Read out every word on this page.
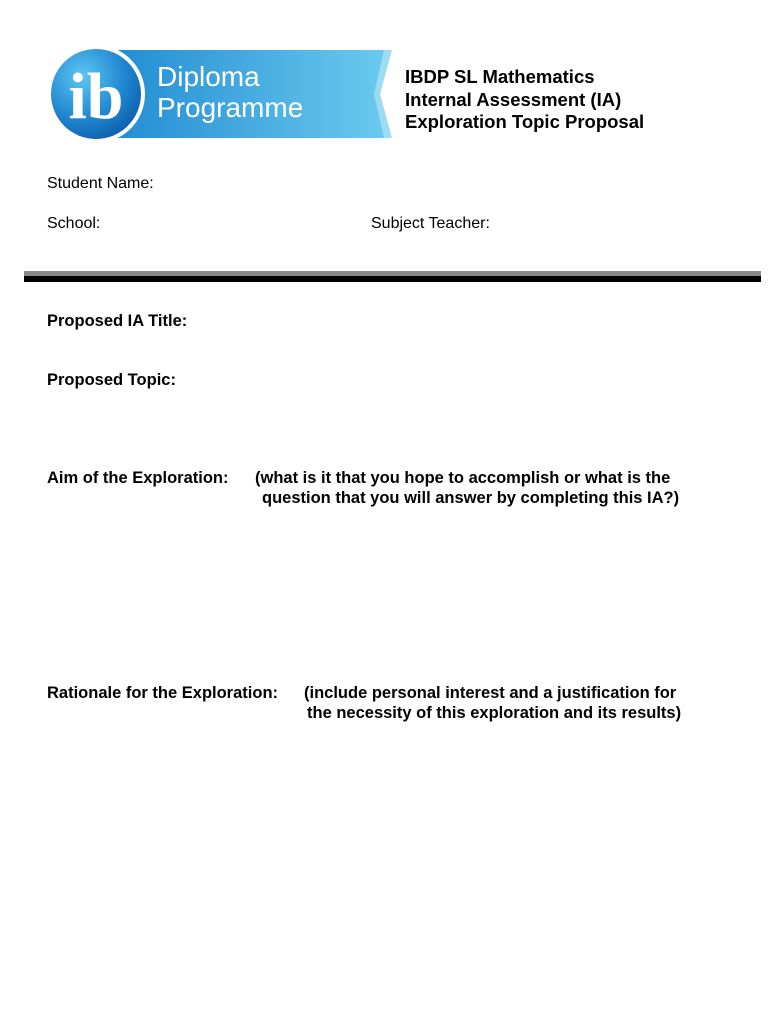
ib Diploma
Programme
IBDP SL Mathematics
Internal Assessment (IA)
Exploration Topic Proposal
Student Name:
School:	Subject Teacher:
Proposed IA Title:
Proposed Topic:
Aim of the Exploration: (what is it that you hope to accomplish or what is the
question that you will answer by completing this IA?)
Rationale for the Exploration: (include personal interest and a justification for
the necessity of this exploration and its results)
